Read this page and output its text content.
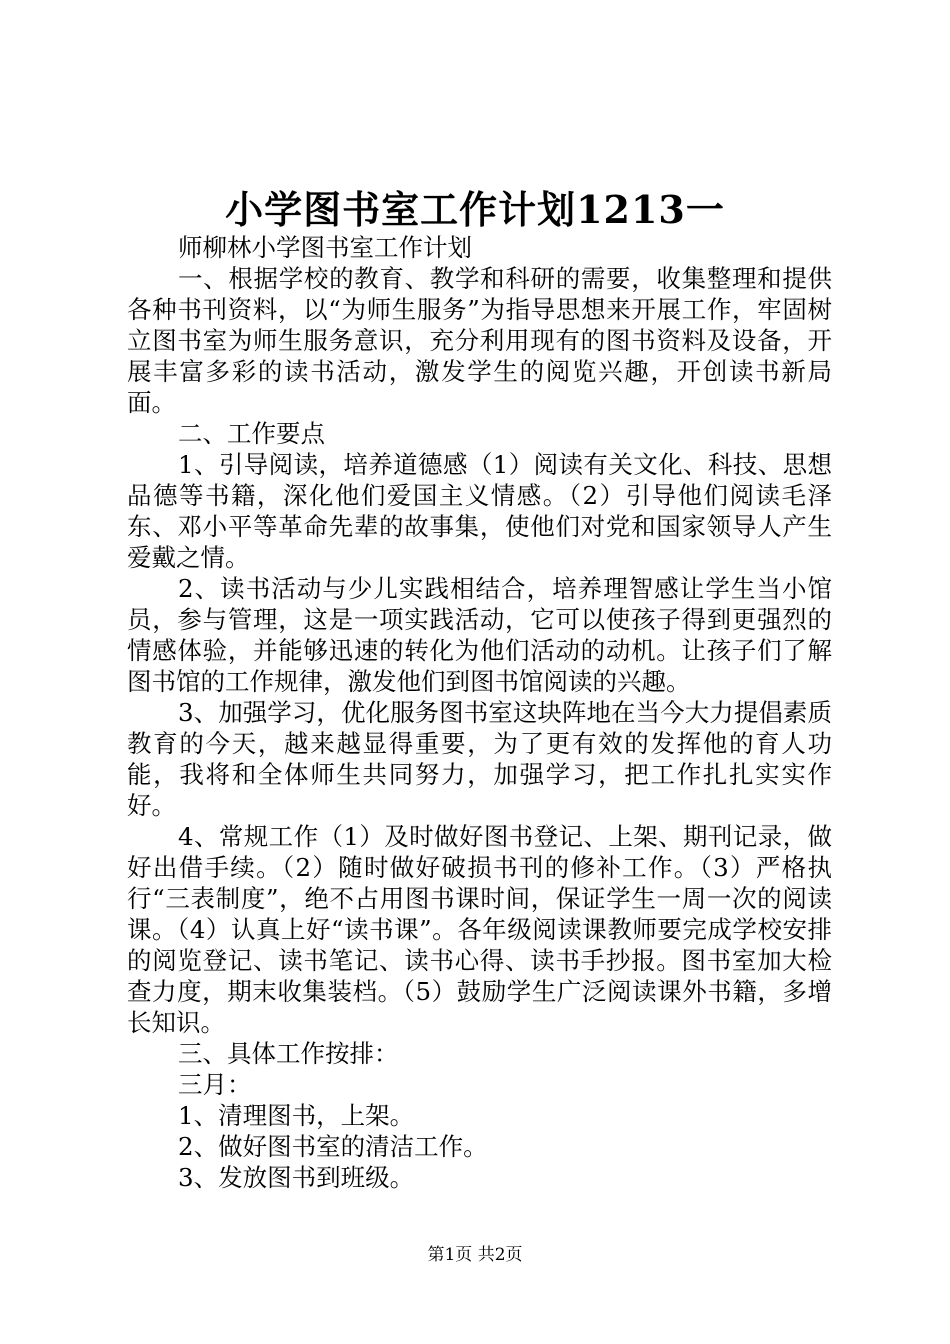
小学图书室工作计划1213一

师柳林小学图书室工作计划

一、根据学校的教育、教学和科研的需要，收集整理和提供各种书刊资料，以“为师生服务”为指导思想来开展工作，牢固树立图书室为师生服务意识，充分利用现有的图书资料及设备，开展丰富多彩的读书活动，激发学生的阅览兴趣，开创读书新局面。

二、工作要点

1、引导阅读，培养道德感（1）阅读有关文化、科技、思想品德等书籍，深化他们爱国主义情感。（2）引导他们阅读毛泽东、邓小平等革命先辈的故事集，使他们对党和国家领导人产生爱戴之情。

2、读书活动与少儿实践相结合，培养理智感让学生当小馆员，参与管理，这是一项实践活动，它可以使孩子得到更强烈的情感体验，并能够迅速的转化为他们活动的动机。让孩子们了解图书馆的工作规律，激发他们到图书馆阅读的兴趣。

3、加强学习，优化服务图书室这块阵地在当今大力提倡素质教育的今天，越来越显得重要，为了更有效的发挥他的育人功能，我将和全体师生共同努力，加强学习，把工作扎扎实实作好。

4、常规工作（1）及时做好图书登记、上架、期刊记录，做好出借手续。（2）随时做好破损书刊的修补工作。（3）严格执行“三表制度”，绝不占用图书课时间，保证学生一周一次的阅读课。（4）认真上好“读书课”。各年级阅读课教师要完成学校安排的阅览登记、读书笔记、读书心得、读书手抄报。图书室加大检查力度，期末收集装档。（5）鼓励学生广泛阅读课外书籍，多增长知识。

三、具体工作按排：

三月：

1、清理图书，上架。

2、做好图书室的清洁工作。

3、发放图书到班级。

第1页 共2页
